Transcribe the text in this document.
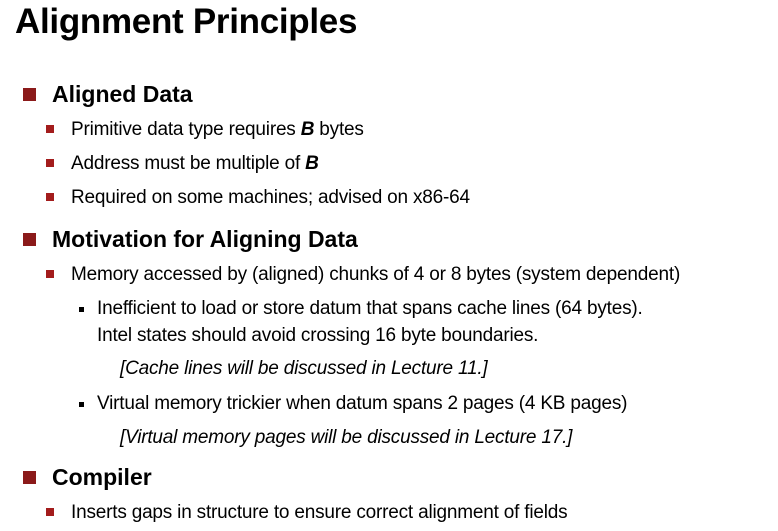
Alignment Principles
Aligned Data
Primitive data type requires B bytes
Address must be multiple of B
Required on some machines; advised on x86-64
Motivation for Aligning Data
Memory accessed by (aligned) chunks of 4 or 8 bytes (system dependent)
Inefficient to load or store datum that spans cache lines (64 bytes).
Intel states should avoid crossing 16 byte boundaries.
[Cache lines will be discussed in Lecture 11.]
Virtual memory trickier when datum spans 2 pages (4 KB pages)
[Virtual memory pages will be discussed in Lecture 17.]
Compiler
Inserts gaps in structure to ensure correct alignment of fields
